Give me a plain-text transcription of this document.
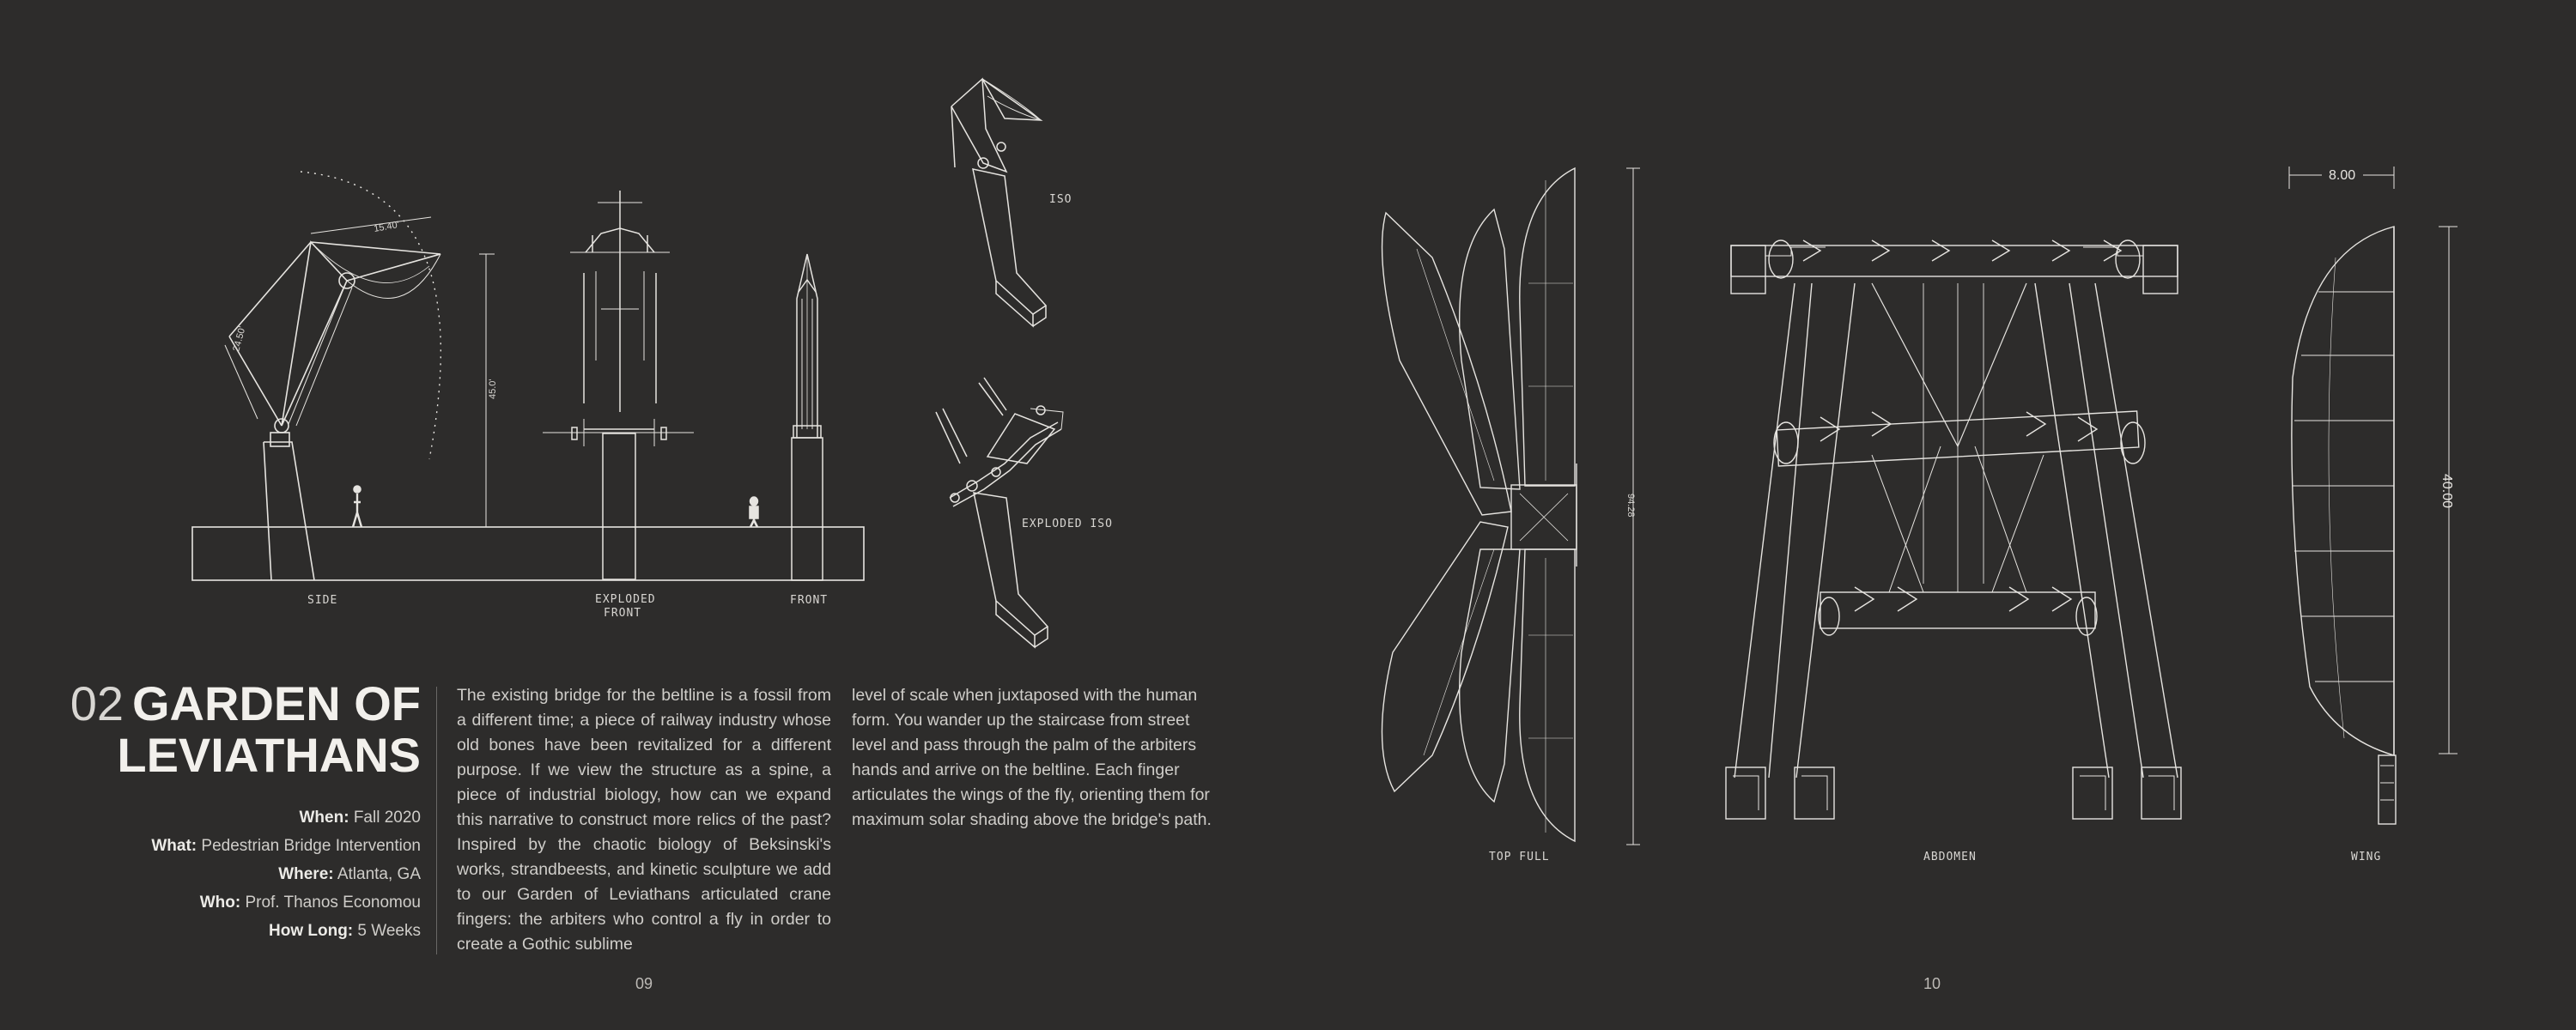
15.40'
24.50'
45.0'
94.28
8.00
40.00
SIDE	EXPLODED
FRONT
FRONT
ISO
EXPLODED ISO
TOP FULL	ABDOMEN	WING
02 GARDEN OF
LEVIATHANS
When: Fall 2020
What: Pedestrian Bridge Intervention
Where: Atlanta, GA
Who: Prof. Thanos Economou
How Long: 5 Weeks
The existing bridge for the beltline is a fossil from a different time; a piece of railway industry whose old bones have been revitalized for a different purpose. If we view the structure as a spine, a piece of industrial biology, how can we expand this narrative to construct more relics of the past? Inspired by the chaotic biology of Beksinski's works, strandbeests, and kinetic sculpture we add to our Garden of Leviathans articulated crane fingers: the arbiters who control a fly in order to create a Gothic sublime
level of scale when juxtaposed with the human form. You wander up the staircase from street level and pass through the palm of the arbiters hands and arrive on the beltline. Each finger articulates the wings of the fly, orienting them for maximum solar shading above the bridge's path.
09	10
